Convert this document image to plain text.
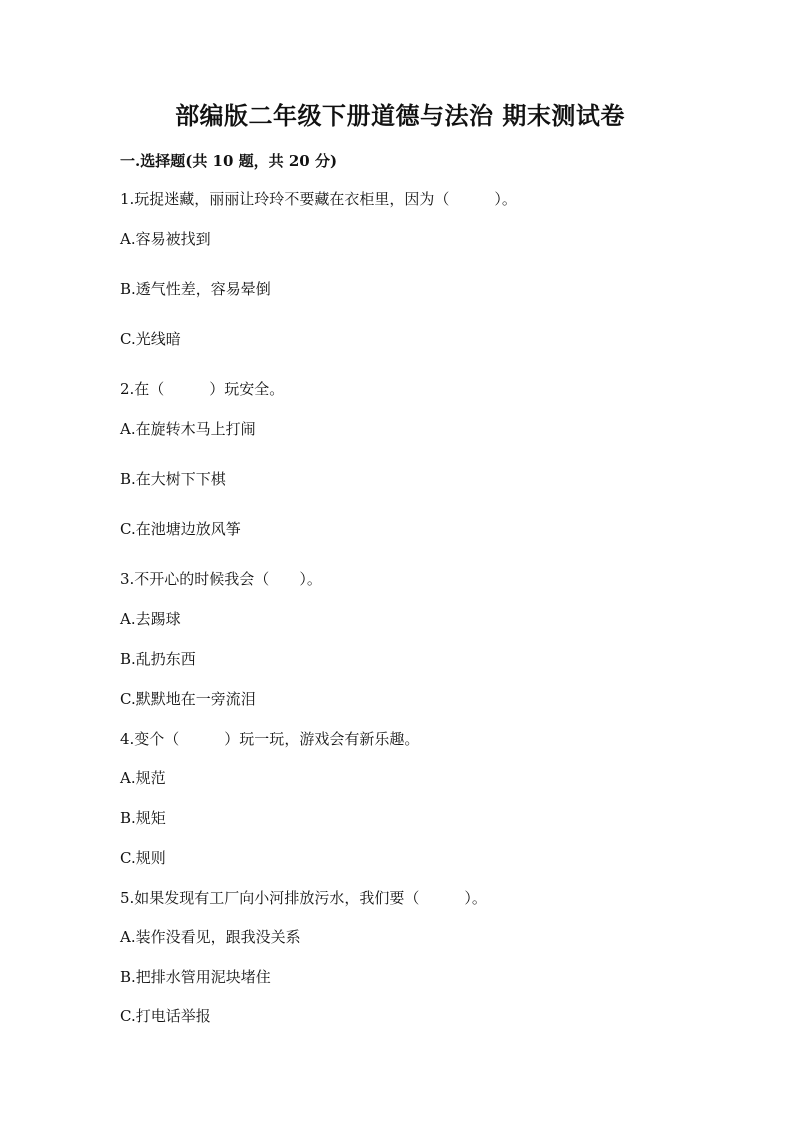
部编版二年级下册道德与法治 期末测试卷
一.选择题(共 10 题，共 20 分)
1.玩捉迷藏，丽丽让玲玲不要藏在衣柜里，因为（　　　）。
A.容易被找到
B.透气性差，容易晕倒
C.光线暗
2.在（　　　）玩安全。
A.在旋转木马上打闹
B.在大树下下棋
C.在池塘边放风筝
3.不开心的时候我会（　　）。
A.去踢球
B.乱扔东西
C.默默地在一旁流泪
4.变个（　　　）玩一玩，游戏会有新乐趣。
A.规范
B.规矩
C.规则
5.如果发现有工厂向小河排放污水，我们要（　　　）。
A.装作没看见，跟我没关系
B.把排水管用泥块堵住
C.打电话举报
